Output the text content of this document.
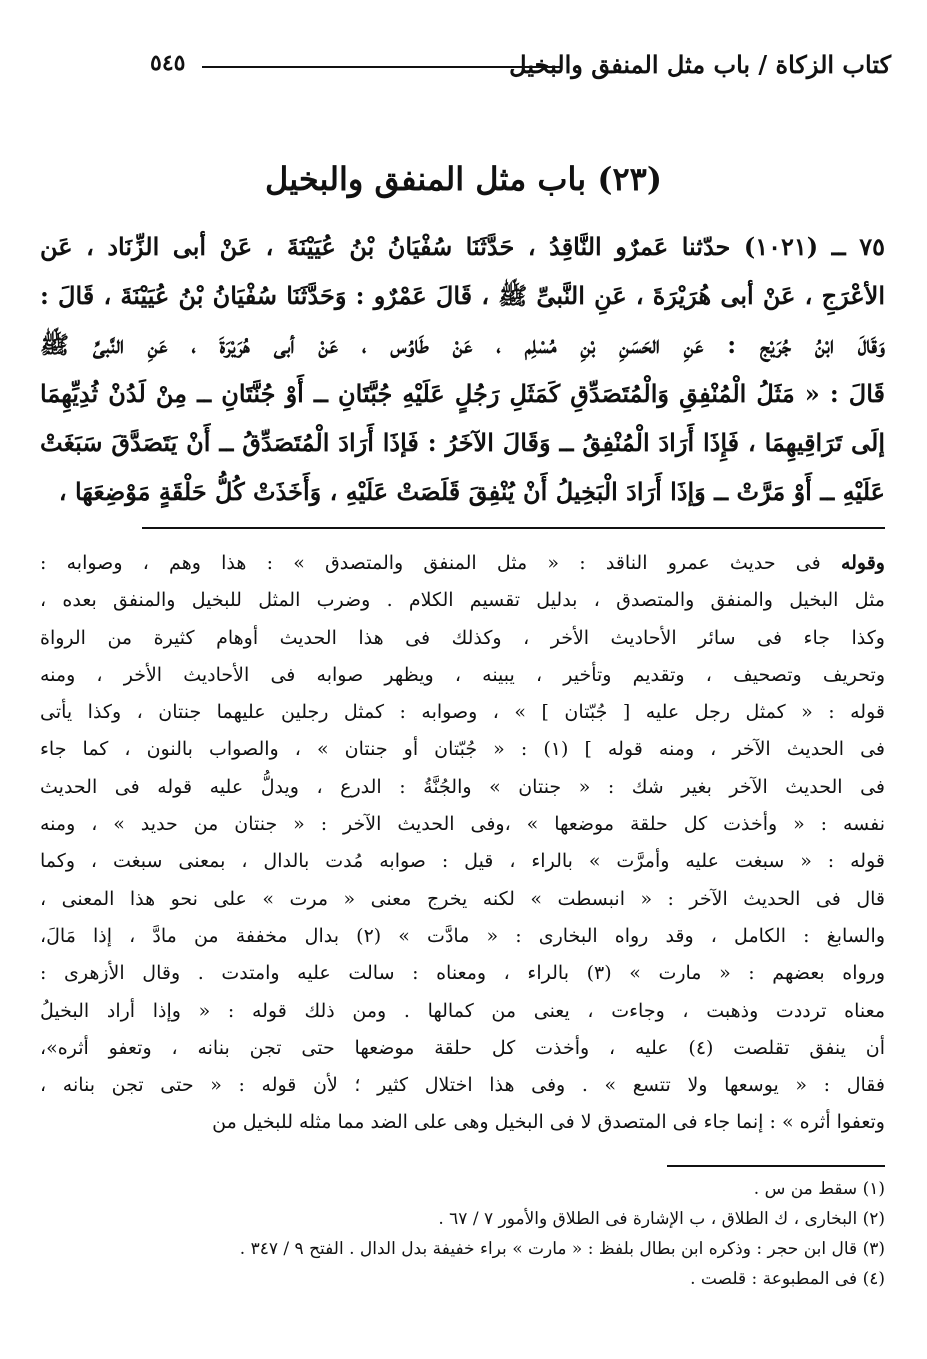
كتاب الزكاة / باب مثل المنفق والبخيل
٥٤٥
(٢٣) باب مثل المنفق والبخيل
٧٥ ــ (١٠٢١) حدّثنا عَمرٌو النَّاقِدُ ، حَدَّثَنَا سُفْيَانُ بْنُ عُيَيْنَةَ ، عَنْ أبى الزِّنَاد ، عَن
الأعْرَجِ ، عَنْ أبى هُرَيْرَةَ ، عَنِ النَّبىِّ ﷺ ، قَالَ عَمْرٌو : وَحَدَّثَنَا سُفْيَانُ بْنُ عُيَيْنَةَ ، قَالَ :
وَقَالَ ابْنُ جُرَيْج : عَنِ الحَسَنِ بْنِ مُسْلِم ، عَنْ طَاوُس ، عَنْ أبى هُرَيْرَةَ ، عَنِ النَّبىِّ ﷺ
قَالَ : « مَثَلُ الْمُنْفِقِ وَالْمُتَصَدِّقِ كَمَثَلِ رَجُلٍ عَلَيْهِ جُبَّتَانِ ــ أَوْ جُنَّتَانِ ــ مِنْ لَدُنْ ثُدِيِّهِمَا
إلَى تَرَاقِيهِمَا ، فَإِذَا أَرَادَ الْمُنْفِقُ ــ وَقَالَ الآخَرُ : فَإذَا أَرَادَ الْمُتَصَدِّقُ ــ أَنْ يَتَصَدَّقَ سَبَغَتْ
عَلَيْهِ ــ أَوْ مَرَّتْ ــ وَإذَا أَرَادَ الْبَخِيلُ أَنْ يُنْفِقَ قَلَصَتْ عَلَيْهِ ، وَأَخَذَتْ كُلُّ حَلْقَةٍ مَوْضِعَهَا ،
وقوله فى حديث عمرو الناقد : « مثل المنفق والمتصدق » : هذا وهم ، وصوابه :
مثل البخيل والمنفق والمتصدق ، بدليل تقسيم الكلام . وضرب المثل للبخيل والمنفق بعده ،
وكذا جاء فى سائر الأحاديث الأخر ، وكذلك فى هذا الحديث أوهام كثيرة من الرواة
وتحريف وتصحيف ، وتقديم وتأخير ، يبينه ، ويظهر صوابه فى الأحاديث الأخر ، ومنه
قوله : « كمثل رجل عليه [ جُبّتان ] » ، وصوابه : كمثل رجلين عليهما جنتان ، وكذا يأتى
فى الحديث الآخر ، ومنه قوله ] (١) : « جُبّتان أو جنتان » ، والصواب بالنون ، كما جاء
فى الحديث الآخر بغير شك : « جنتان » والجُنَّةُ : الدرع ، ويدلُّ عليه قوله فى الحديث
نفسه : « وأخذت كل حلقة موضعها » ،وفى الحديث الآخر : « جنتان من حديد » ، ومنه
قوله : « سبغت عليه وأمرَّت » بالراء ، قيل : صوابه مُدت بالدال ، بمعنى سبغت ، وكما
قال فى الحديث الآخر : « انبسطت » لكنه يخرج معنى « مرت » على نحو هذا المعنى ،
والسابغ : الكامل ، وقد رواه البخارى : « مادَّت » (٢) بدال مخففة من مادَّ ، إذا مَالَ،
ورواه بعضهم : « مارت » (٣) بالراء ، ومعناه : سالت عليه وامتدت . وقال الأزهرى :
معناه ترددت وذهبت ، وجاءت ، يعنى من كمالها . ومن ذلك قوله : « وإذا أراد البخيلُ
أن ينفق تقلصت (٤) عليه ، وأخذت كل حلقة موضعها حتى تجن بنانه ، وتعفو أثره»،
فقال : « يوسعها ولا تتسع » . وفى هذا اختلال كثير ؛ لأن قوله : « حتى تجن بنانه ،
وتعفوا أثره » : إنما جاء فى المتصدق لا فى البخيل وهى على الضد مما مثله للبخيل من
(١) سقط من س .
(٢) البخارى ، ك الطلاق ، ب الإشارة فى الطلاق والأمور ٧ / ٦٧ .
(٣) قال ابن حجر : وذكره ابن بطال بلفظ : « مارت » براء خفيفة بدل الدال . الفتح ٩ / ٣٤٧ .
(٤) فى المطبوعة : قلصت .
